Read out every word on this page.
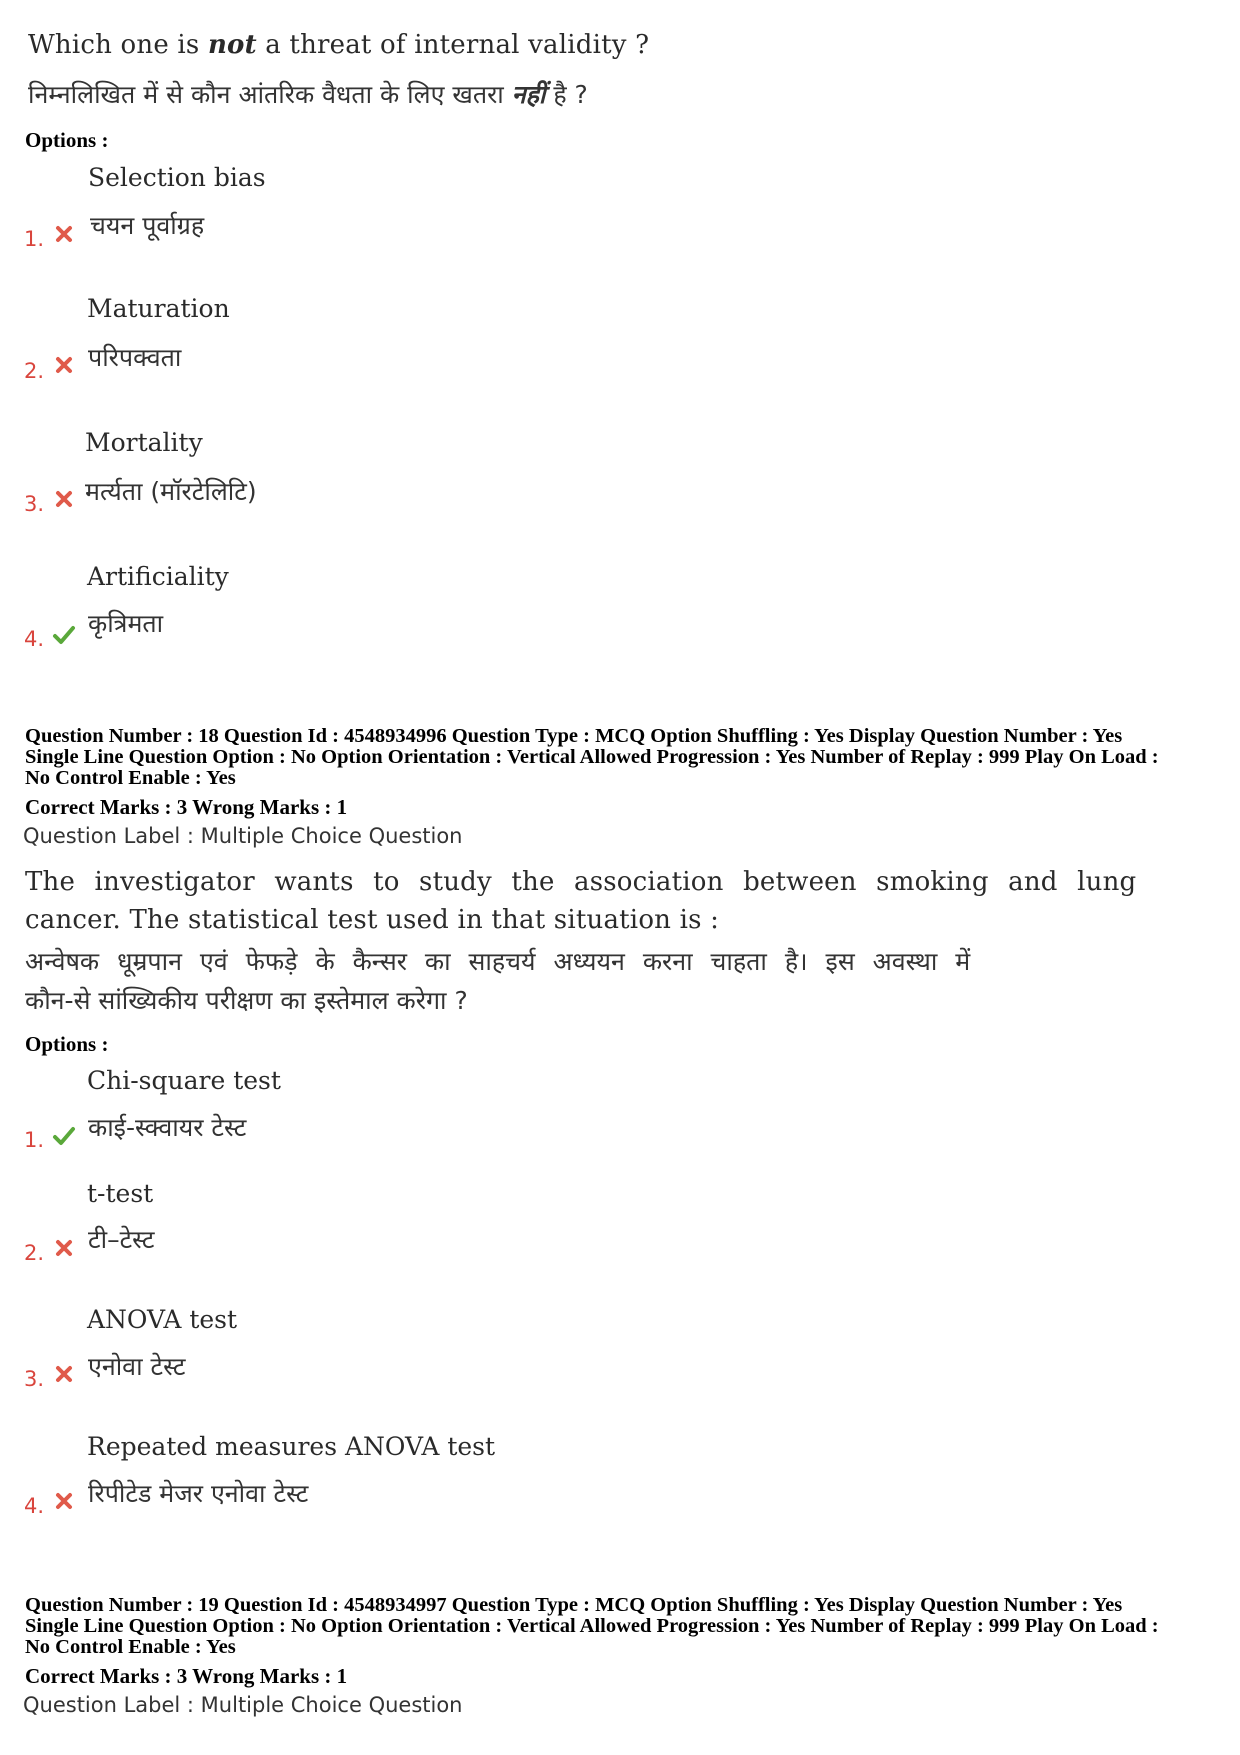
Which one is not a threat of internal validity ?
निम्नलिखित में से कौन आंतरिक वैधता के लिए खतरा नहीं है ?
Options :
Selection bias
चयन पूर्वाग्रह
1.
Maturation
परिपक्वता
2.
Mortality
मर्त्यता (मॉरटेलिटि)
3.
Artificiality
कृत्रिमता
4.
Question Number : 18 Question Id : 4548934996 Question Type : MCQ Option Shuffling : Yes Display Question Number : Yes
Single Line Question Option : No Option Orientation : Vertical Allowed Progression : Yes Number of Replay : 999 Play On Load :
No Control Enable : Yes
Correct Marks : 3 Wrong Marks : 1
Question Label : Multiple Choice Question
The investigator wants to study the association between smoking and lung
cancer. The statistical test used in that situation is :
अन्वेषक धूम्रपान एवं फेफड़े के कैन्सर का साहचर्य अध्ययन करना चाहता है। इस अवस्था में
कौन-से सांख्यिकीय परीक्षण का इस्तेमाल करेगा ?
Options :
Chi-square test
काई-स्क्वायर टेस्ट
1.
t-test
टी–टेस्ट
2.
ANOVA test
एनोवा टेस्ट
3.
Repeated measures ANOVA test
रिपीटेड मेजर एनोवा टेस्ट
4.
Question Number : 19 Question Id : 4548934997 Question Type : MCQ Option Shuffling : Yes Display Question Number : Yes
Single Line Question Option : No Option Orientation : Vertical Allowed Progression : Yes Number of Replay : 999 Play On Load :
No Control Enable : Yes
Correct Marks : 3 Wrong Marks : 1
Question Label : Multiple Choice Question
